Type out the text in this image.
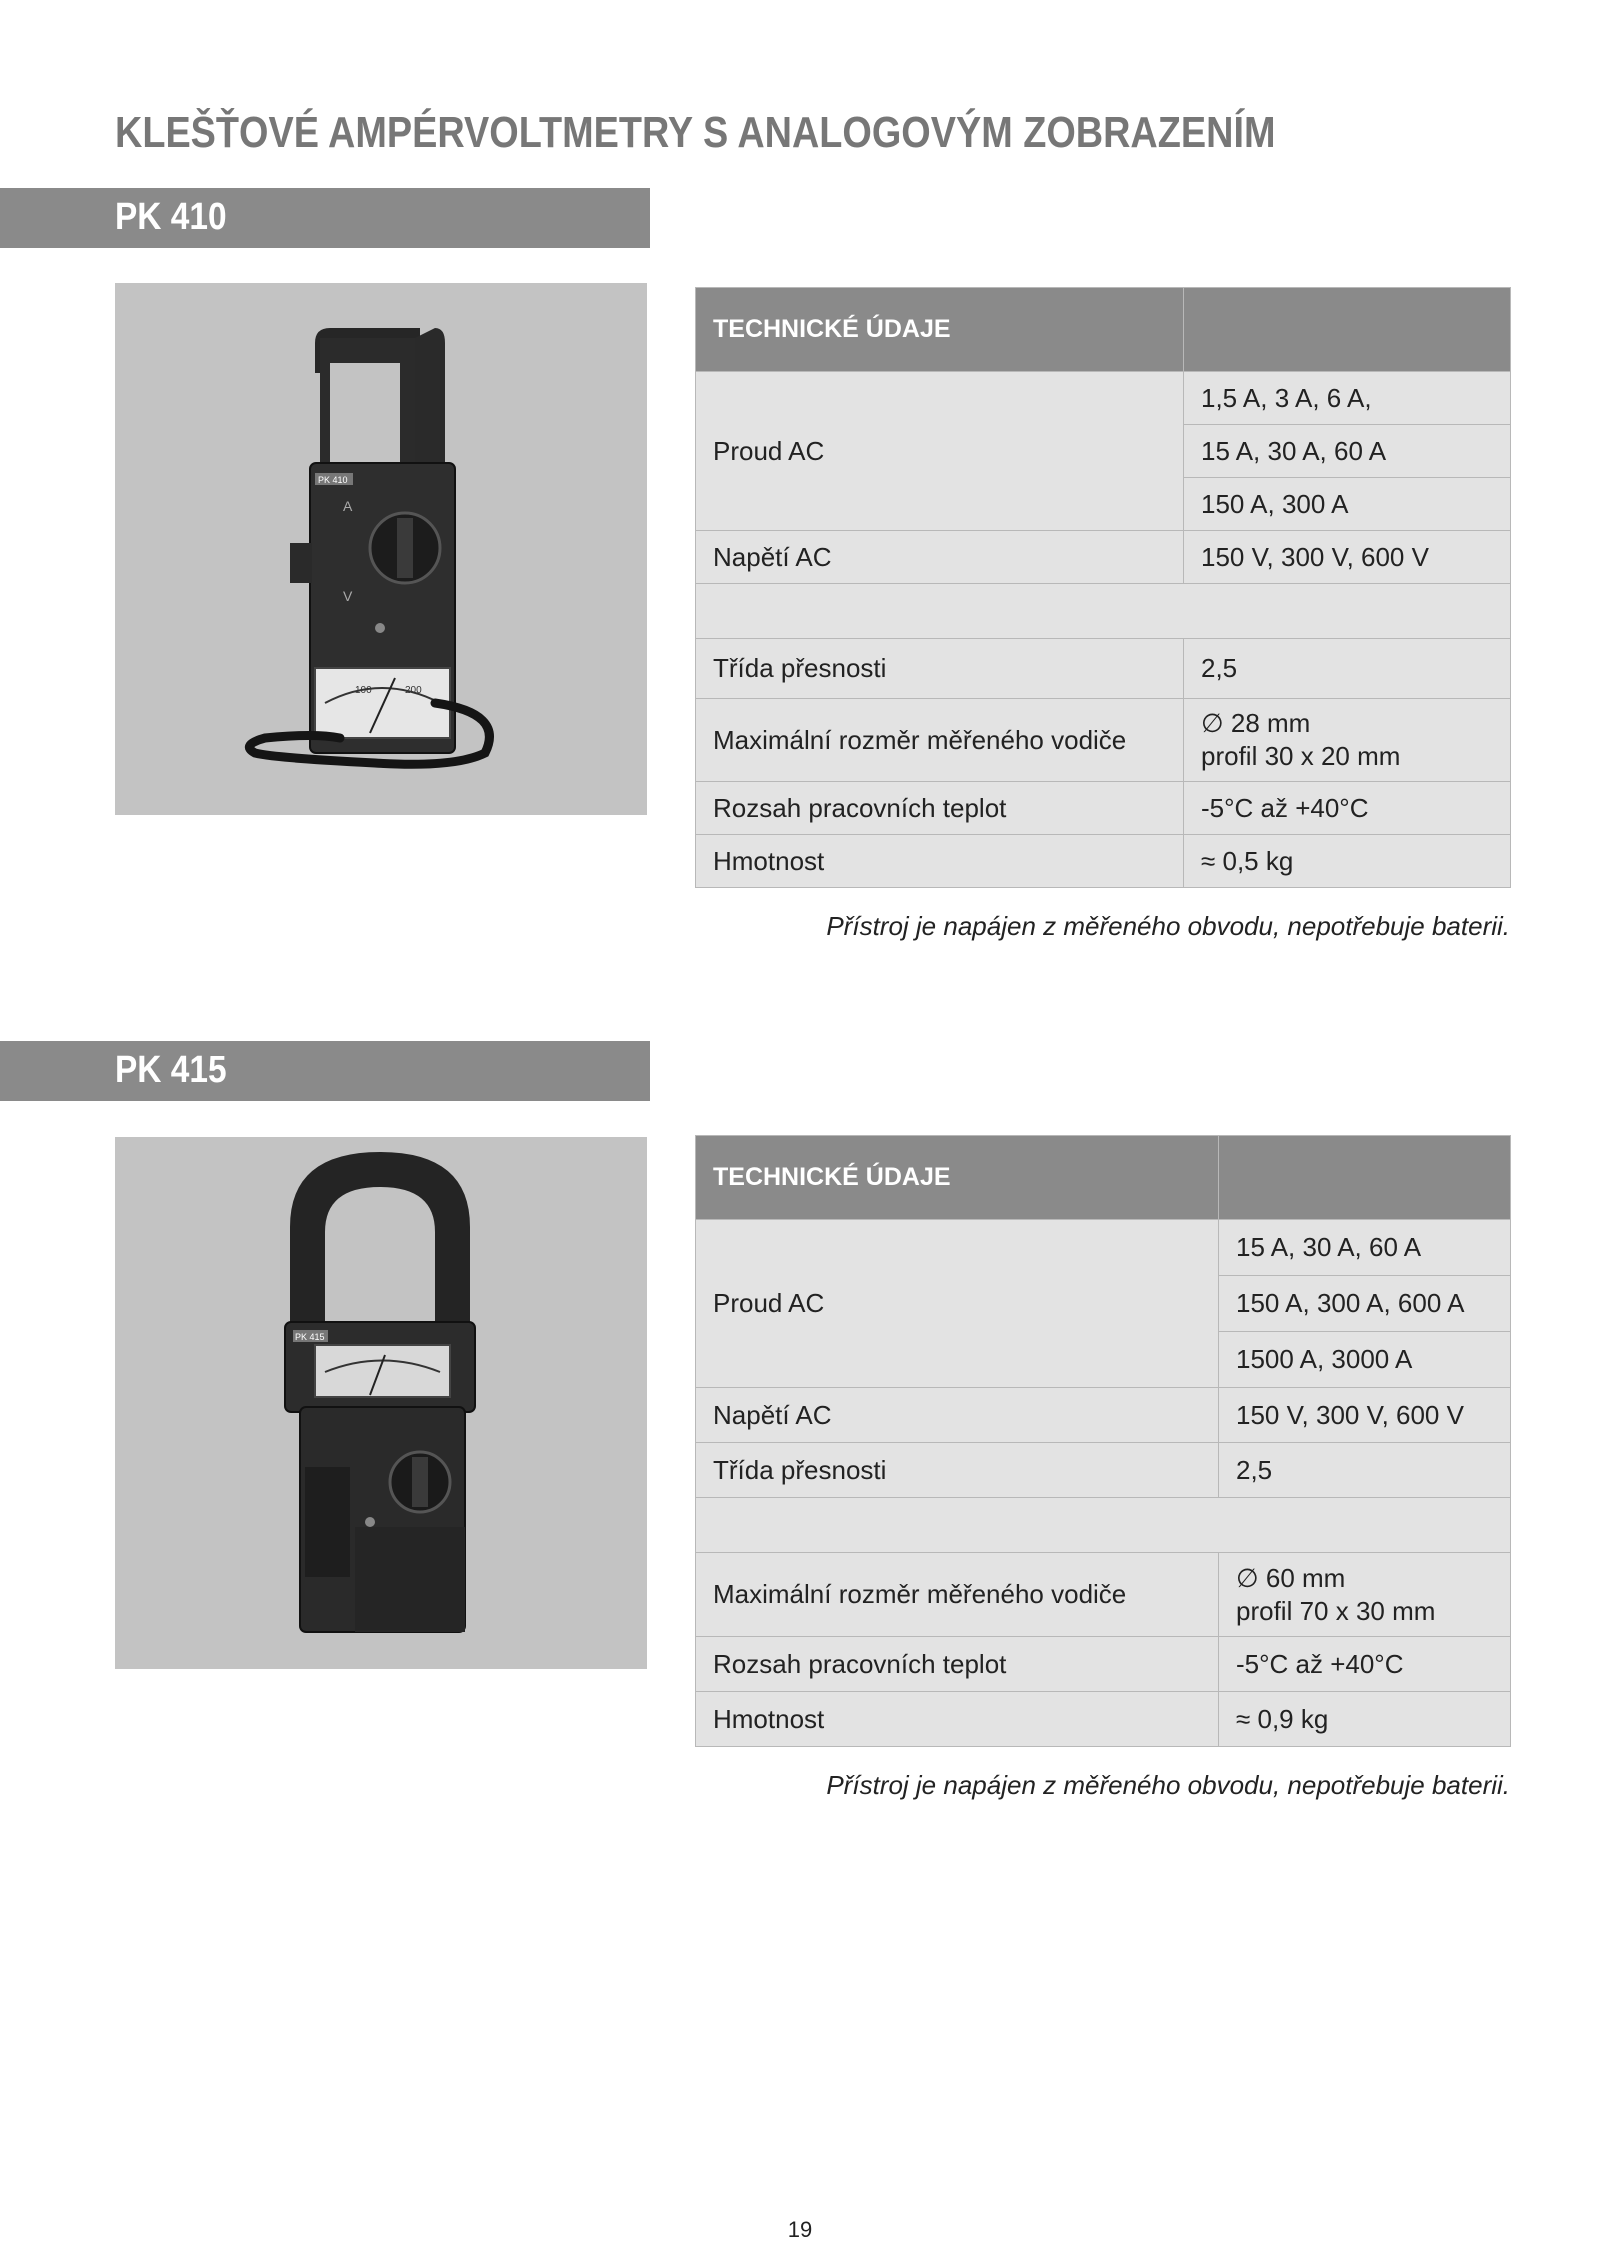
KLEŠŤOVÉ AMPÉRVOLTMETRY S ANALOGOVÝM ZOBRAZENÍM
PK 410
PK 410
A
V
100	200
TECHNICKÉ ÚDAJE	
Proud AC	1,5 A, 3 A, 6 A,
	15 A, 30 A, 60 A
	150 A, 300 A
Napětí AC	150 V, 300 V, 600 V

Třída přesnosti	2,5
Maximální rozměr měřeného vodiče	∅ 28 mm
profil 30 x 20 mm

Rozsah pracovních teplot	-5°C až +40°C
Hmotnost	≈ 0,5 kg
Přístroj je napájen z měřeného obvodu, nepotřebuje baterii.
PK 415
PK 415
TECHNICKÉ ÚDAJE	
Proud AC	15 A, 30 A, 60 A
	150 A, 300 A, 600 A
	1500 A, 3000 A
Napětí AC	150 V, 300 V, 600 V
Třída přesnosti	2,5

Maximální rozměr měřeného vodiče	∅ 60 mm
profil 70 x 30 mm

Rozsah pracovních teplot	-5°C až +40°C
Hmotnost	≈ 0,9 kg
Přístroj je napájen z měřeného obvodu, nepotřebuje baterii.
19
